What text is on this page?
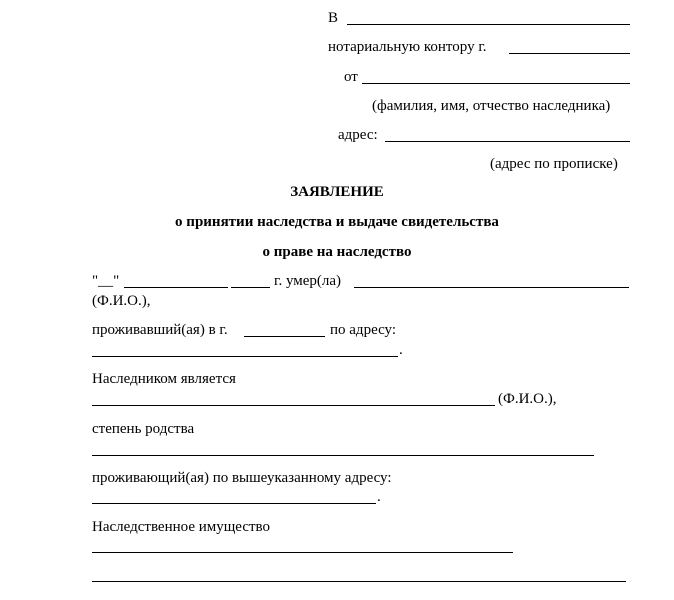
В
нотариальную контору г.
от
(фамилия, имя, отчество наследника)
адрес:
(адрес по прописке)
ЗАЯВЛЕНИЕ
о принятии наследства и выдаче свидетельства
о праве на наследство
"__"	г. умер(ла)
(Ф.И.О.),
проживавший(ая) в г.	по адресу:
.
Наследником является
(Ф.И.О.),
степень родства
проживающий(ая) по вышеуказанному адресу:
.
Наследственное имущество
